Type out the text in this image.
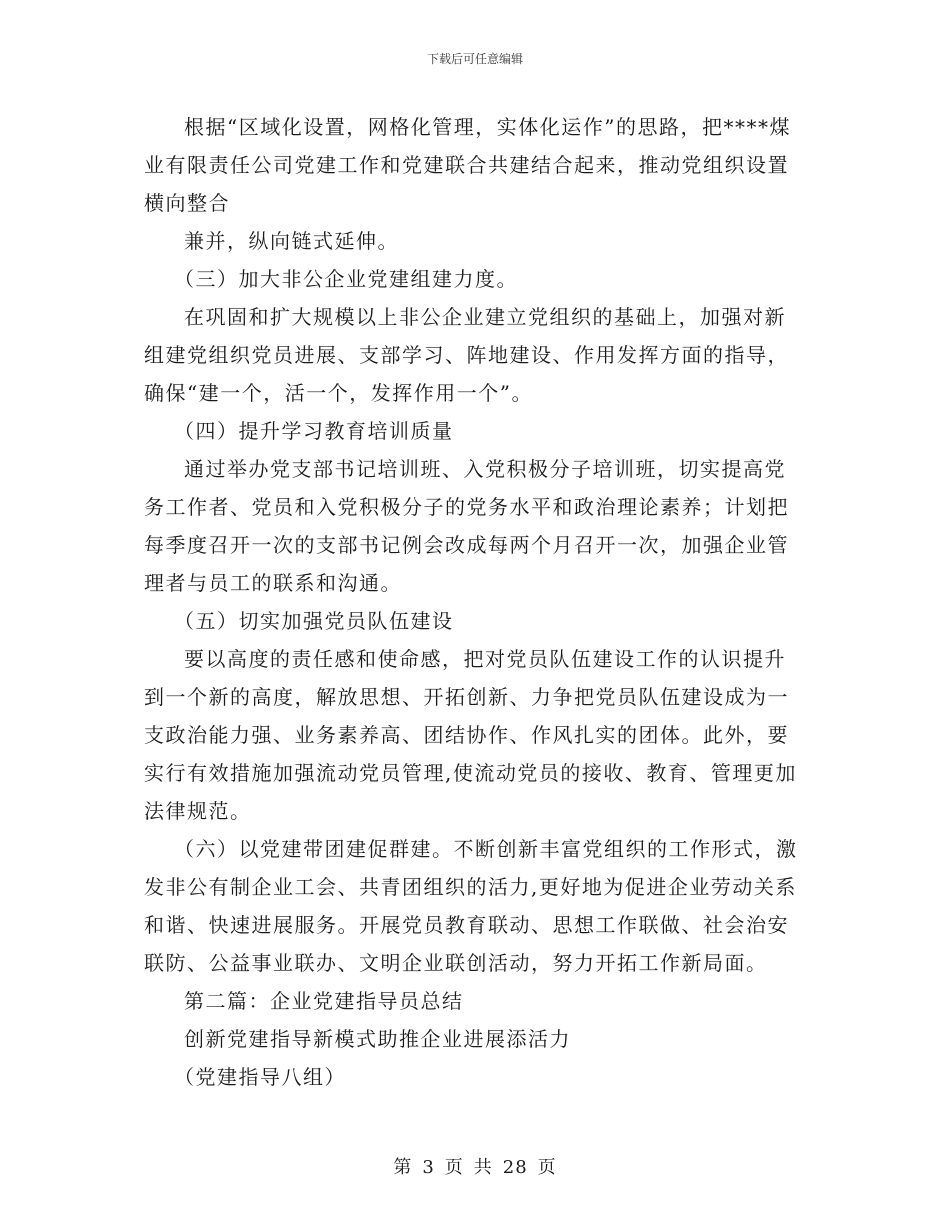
下载后可任意编辑

根据“区域化设置，网格化管理，实体化运作”的思路，把****煤业有限责任公司党建工作和党建联合共建结合起来，推动党组织设置横向整合

兼并，纵向链式延伸。

（三）加大非公企业党建组建力度。

在巩固和扩大规模以上非公企业建立党组织的基础上，加强对新组建党组织党员进展、支部学习、阵地建设、作用发挥方面的指导，确保“建一个，活一个，发挥作用一个”。

（四）提升学习教育培训质量

通过举办党支部书记培训班、入党积极分子培训班，切实提高党务工作者、党员和入党积极分子的党务水平和政治理论素养；计划把每季度召开一次的支部书记例会改成每两个月召开一次，加强企业管理者与员工的联系和沟通。

（五）切实加强党员队伍建设

要以高度的责任感和使命感，把对党员队伍建设工作的认识提升到一个新的高度，解放思想、开拓创新、力争把党员队伍建设成为一支政治能力强、业务素养高、团结协作、作风扎实的团体。此外，要实行有效措施加强流动党员管理,使流动党员的接收、教育、管理更加法律规范。

（六）以党建带团建促群建。不断创新丰富党组织的工作形式，激发非公有制企业工会、共青团组织的活力,更好地为促进企业劳动关系和谐、快速进展服务。开展党员教育联动、思想工作联做、社会治安联防、公益事业联办、文明企业联创活动，努力开拓工作新局面。

第二篇：企业党建指导员总结

创新党建指导新模式助推企业进展添活力

（党建指导八组）

第 3 页 共 28 页
